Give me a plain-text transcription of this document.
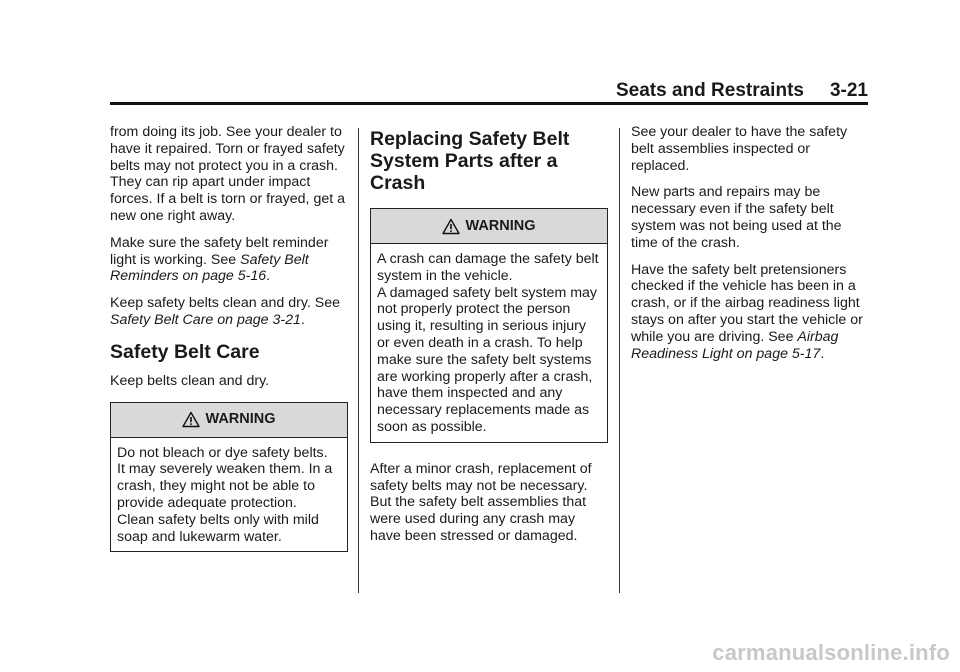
Seats and Restraints 3-21

from doing its job. See your dealer to have it repaired. Torn or frayed safety belts may not protect you in a crash. They can rip apart under impact forces. If a belt is torn or frayed, get a new one right away.

Make sure the safety belt reminder light is working. See Safety Belt Reminders on page 5-16.

Keep safety belts clean and dry. See Safety Belt Care on page 3-21.

Safety Belt Care

Keep belts clean and dry.

WARNING

Do not bleach or dye safety belts.

It may severely weaken them. In a crash, they might not be able to provide adequate protection.

Clean safety belts only with mild soap and lukewarm water.

Replacing Safety Belt System Parts after a Crash
WARNING

A crash can damage the safety belt system in the vehicle.

A damaged safety belt system may not properly protect the person using it, resulting in serious injury or even death in a crash. To help make sure the safety belt systems are working properly after a crash, have them inspected and any necessary replacements made as soon as possible.

After a minor crash, replacement of safety belts may not be necessary. But the safety belt assemblies that were used during any crash may have been stressed or damaged.

See your dealer to have the safety belt assemblies inspected or replaced.

New parts and repairs may be necessary even if the safety belt system was not being used at the time of the crash.

Have the safety belt pretensioners checked if the vehicle has been in a crash, or if the airbag readiness light stays on after you start the vehicle or while you are driving. See Airbag Readiness Light on page 5-17.

carmanualsonline.info
